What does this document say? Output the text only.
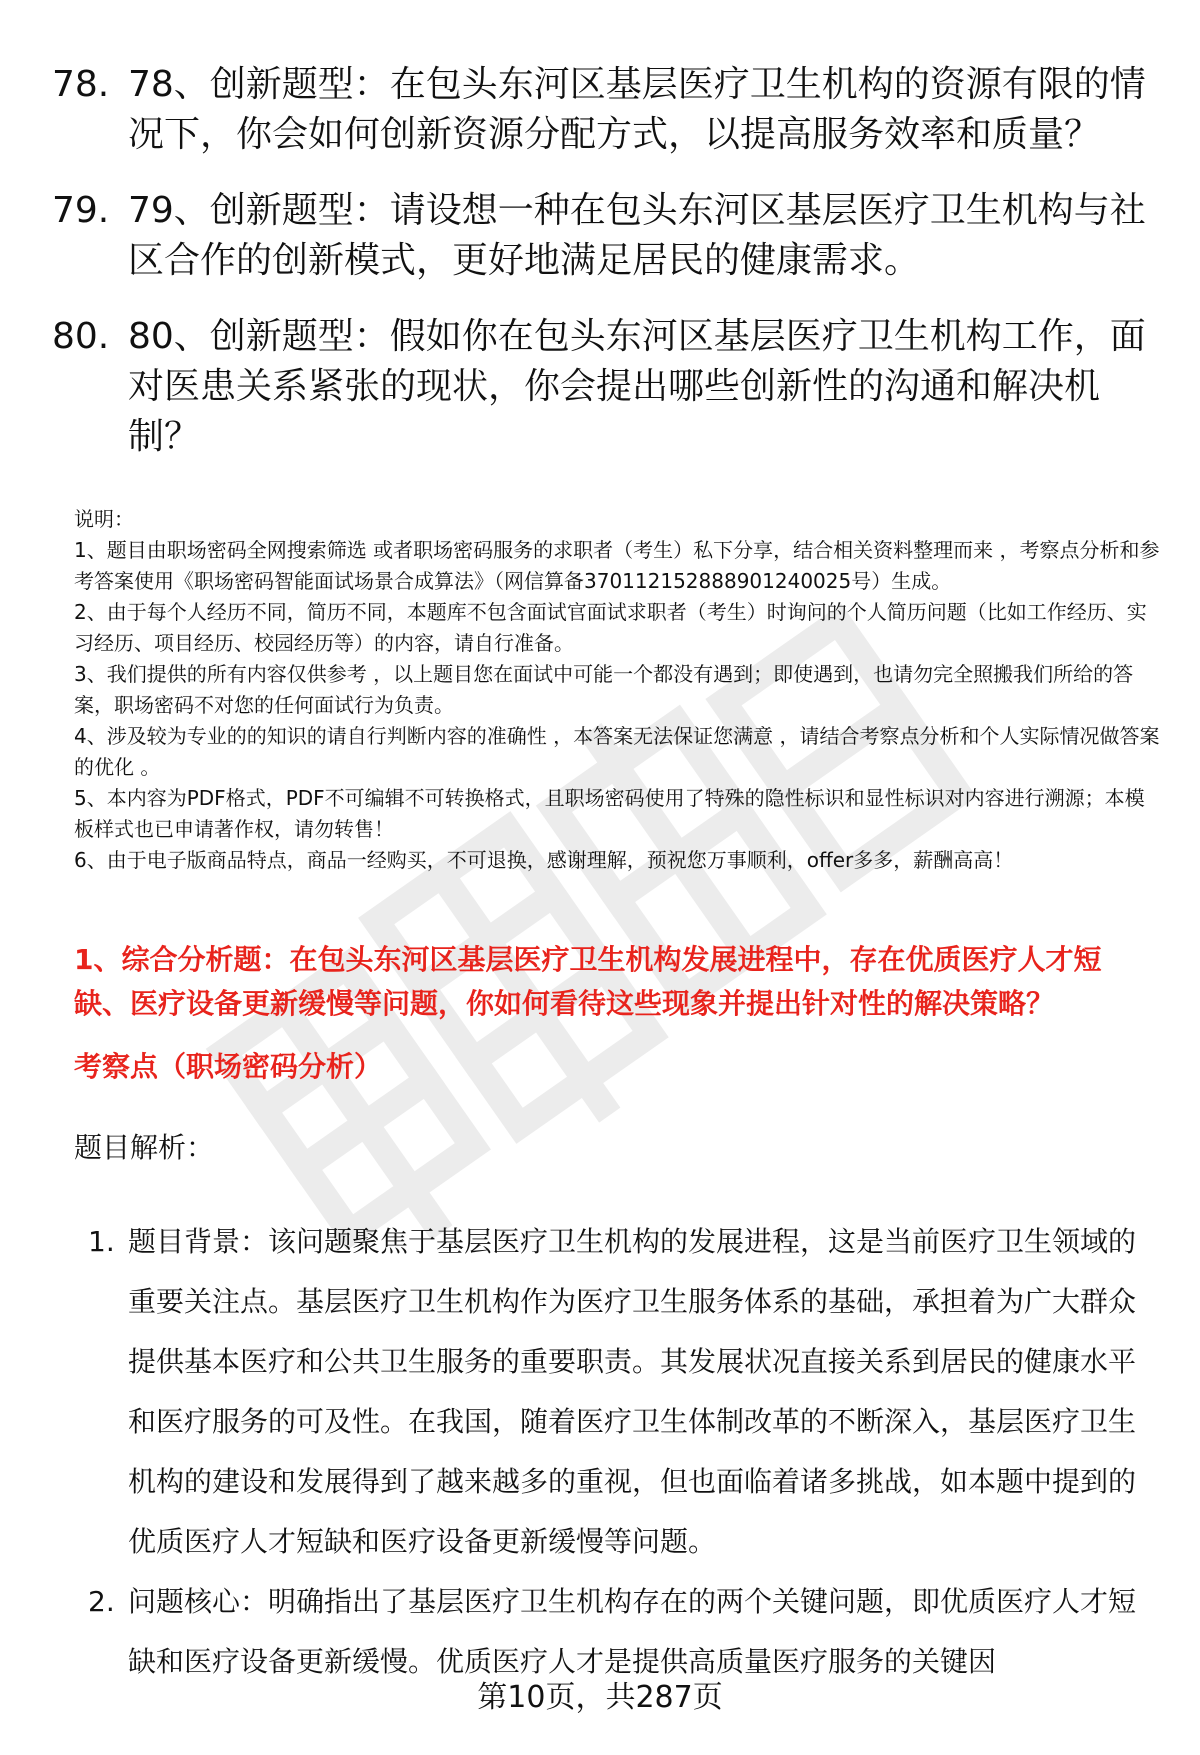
78. 78、创新题型：在包头东河区基层医疗卫生机构的资源有限的情况下，你会如何创新资源分配方式，以提高服务效率和质量？
79. 79、创新题型：请设想一种在包头东河区基层医疗卫生机构与社区合作的创新模式，更好地满足居民的健康需求。
80. 80、创新题型：假如你在包头东河区基层医疗卫生机构工作，面对医患关系紧张的现状，你会提出哪些创新性的沟通和解决机制？

说明：

1、题目由职场密码全网搜索筛选 或者职场密码服务的求职者（考生）私下分享，结合相关资料整理而来 ，考察点分析和参考答案使用《职场密码智能面试场景合成算法》（网信算备370112152888901240025号）生成。

2、由于每个人经历不同，简历不同，本题库不包含面试官面试求职者（考生）时询问的个人简历问题（比如工作经历、实习经历、项目经历、校园经历等）的内容，请自行准备。

3、我们提供的所有内容仅供参考 ，以上题目您在面试中可能一个都没有遇到；即使遇到，也请勿完全照搬我们所给的答案，职场密码不对您的任何面试行为负责。

4、涉及较为专业的的知识的请自行判断内容的准确性 ，本答案无法保证您满意 ，请结合考察点分析和个人实际情况做答案的优化 。

5、本内容为PDF格式，PDF不可编辑不可转换格式，且职场密码使用了特殊的隐性标识和显性标识对内容进行溯源；本模板样式也已申请著作权，请勿转售！

6、由于电子版商品特点，商品一经购买，不可退换，感谢理解，预祝您万事顺利，offer多多，薪酬高高！

1、综合分析题：在包头东河区基层医疗卫生机构发展进程中，存在优质医疗人才短缺、医疗设备更新缓慢等问题，你如何看待这些现象并提出针对性的解决策略？
考察点（职场密码分析）

题目解析：

1. 题目背景：该问题聚焦于基层医疗卫生机构的发展进程，这是当前医疗卫生领域的重要关注点。基层医疗卫生机构作为医疗卫生服务体系的基础，承担着为广大群众提供基本医疗和公共卫生服务的重要职责。其发展状况直接关系到居民的健康水平和医疗服务的可及性。在我国，随着医疗卫生体制改革的不断深入，基层医疗卫生机构的建设和发展得到了越来越多的重视，但也面临着诸多挑战，如本题中提到的优质医疗人才短缺和医疗设备更新缓慢等问题。
2. 问题核心：明确指出了基层医疗卫生机构存在的两个关键问题，即优质医疗人才短缺和医疗设备更新缓慢。优质医疗人才是提供高质量医疗服务的关键因
第10页，共287页
